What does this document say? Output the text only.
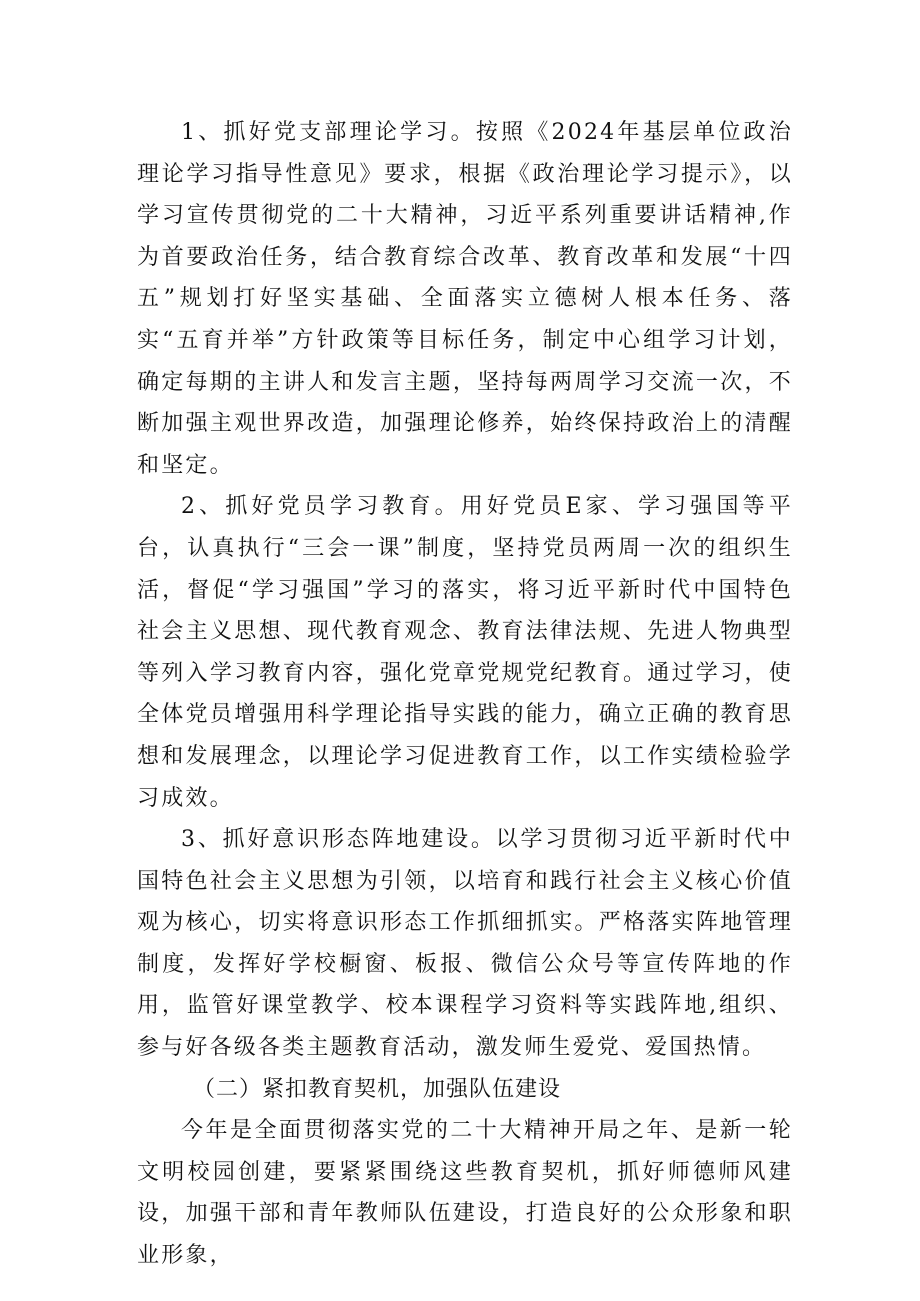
1、抓好党支部理论学习。按照《2024年基层单位政治理论学习指导性意见》要求，根据《政治理论学习提示》，以学习宣传贯彻党的二十大精神，习近平系列重要讲话精神,作为首要政治任务，结合教育综合改革、教育改革和发展“十四五”规划打好坚实基础、全面落实立德树人根本任务、落实“五育并举”方针政策等目标任务，制定中心组学习计划，确定每期的主讲人和发言主题，坚持每两周学习交流一次，不断加强主观世界改造，加强理论修养，始终保持政治上的清醒和坚定。

2、抓好党员学习教育。用好党员E家、学习强国等平台，认真执行“三会一课”制度，坚持党员两周一次的组织生活，督促“学习强国”学习的落实，将习近平新时代中国特色社会主义思想、现代教育观念、教育法律法规、先进人物典型等列入学习教育内容，强化党章党规党纪教育。通过学习，使全体党员增强用科学理论指导实践的能力，确立正确的教育思想和发展理念，以理论学习促进教育工作，以工作实绩检验学习成效。

3、抓好意识形态阵地建设。以学习贯彻习近平新时代中国特色社会主义思想为引领，以培育和践行社会主义核心价值观为核心，切实将意识形态工作抓细抓实。严格落实阵地管理制度，发挥好学校橱窗、板报、微信公众号等宣传阵地的作用，监管好课堂教学、校本课程学习资料等实践阵地,组织、参与好各级各类主题教育活动，激发师生爱党、爱国热情。

（二）紧扣教育契机，加强队伍建设

今年是全面贯彻落实党的二十大精神开局之年、是新一轮文明校园创建，要紧紧围绕这些教育契机，抓好师德师风建设，加强干部和青年教师队伍建设，打造良好的公众形象和职业形象，
